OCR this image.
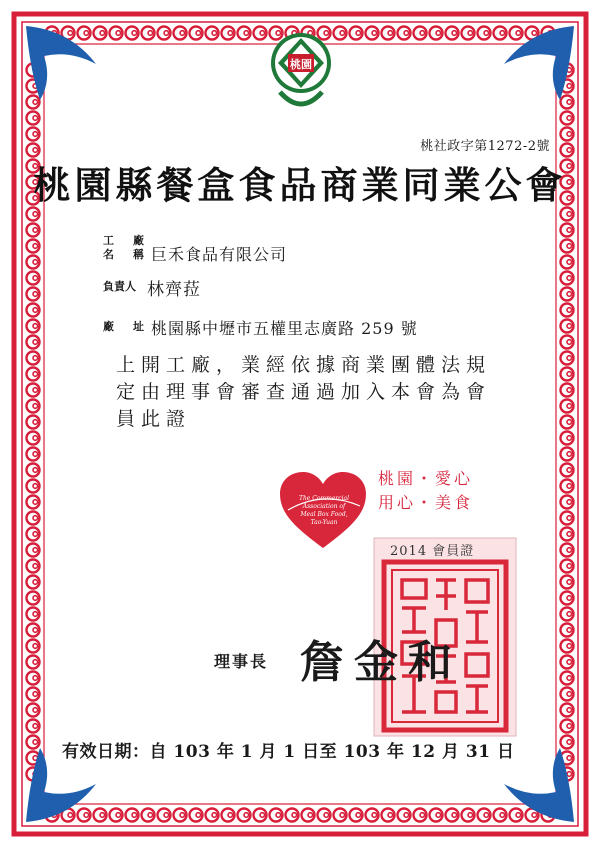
桃園
桃社政字第1272-2號
桃園縣餐盒食品商業同業公會
工　廠
名　稱 巨禾食品有限公司
負責人 林齊菈
廠　址 桃園縣中壢市五權里志廣路 259 號
上開工廠，業經依據商業團體法規
定由理事會審查通過加入本會為會
員此證
The Commercial
Association of
Meal Box Food,
Tao-Yuan
桃園・愛心
用心・美食
2014 會員證
理事長 詹金和
有效日期：自 103 年 1 月 1 日至 103 年 12 月 31 日
